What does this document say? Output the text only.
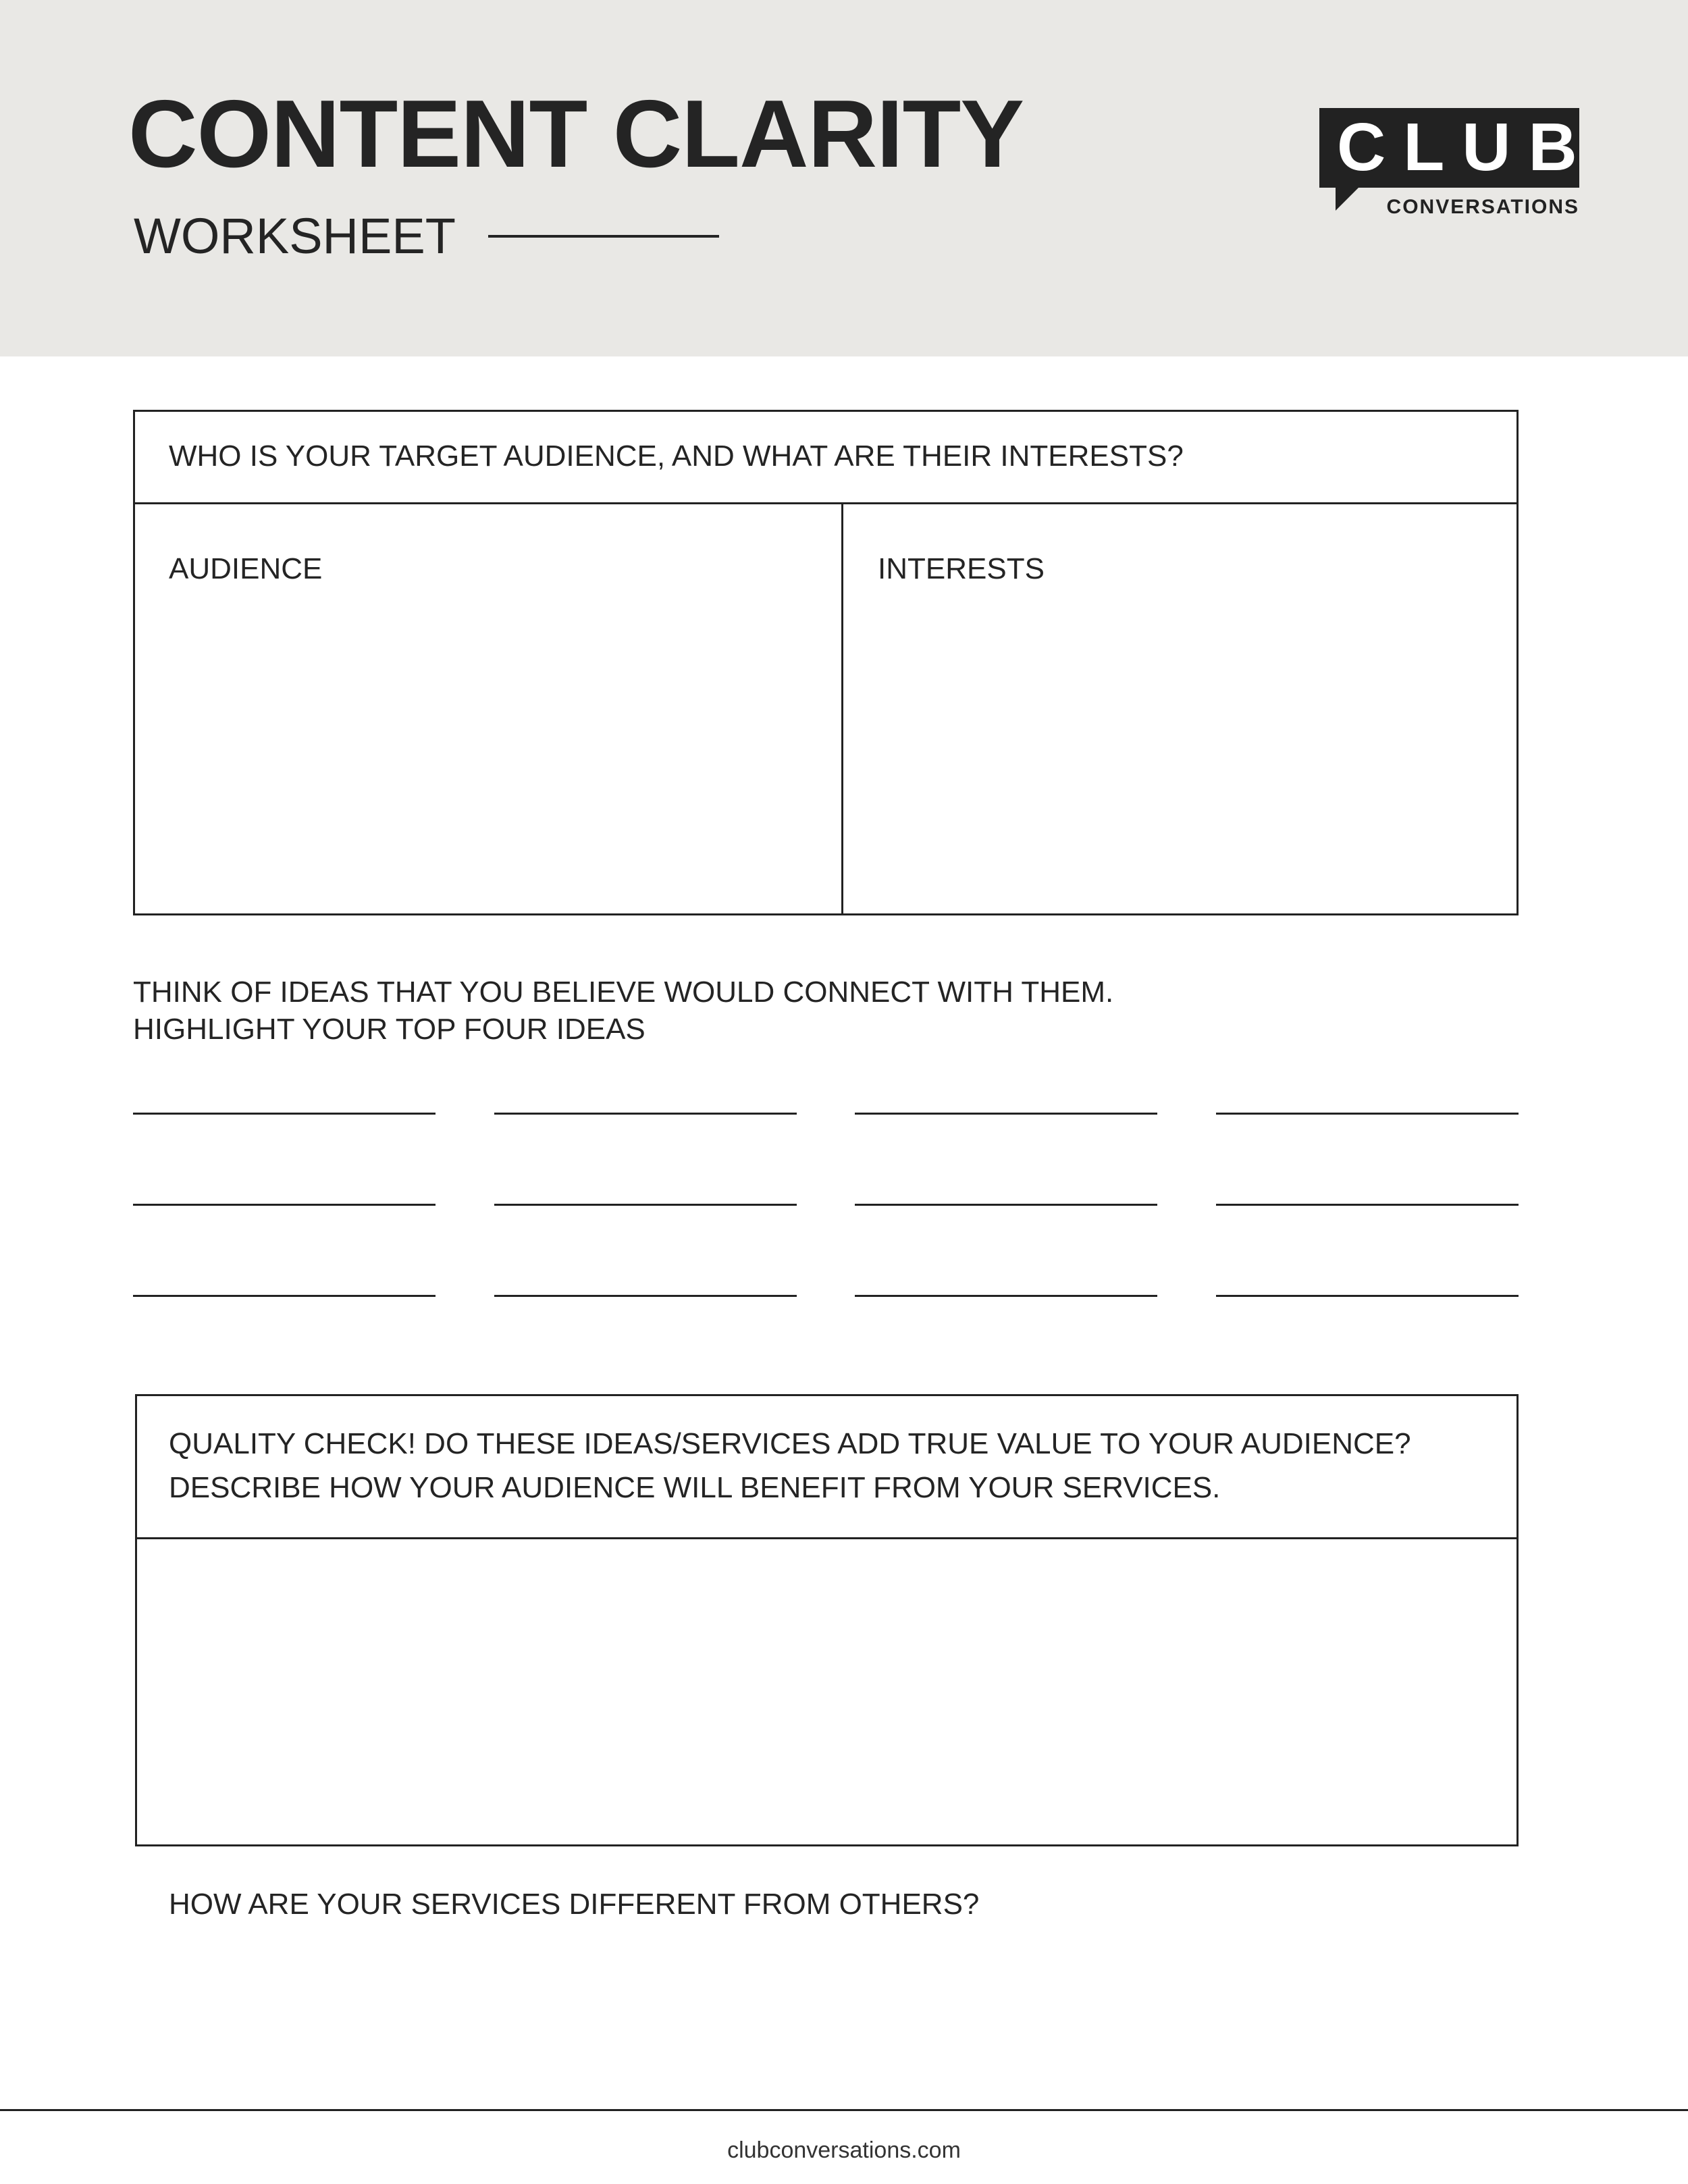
CONTENT CLARITY
WORKSHEET
CLUB
CONVERSATIONS
WHO IS YOUR TARGET AUDIENCE, AND WHAT ARE THEIR INTERESTS?
AUDIENCE	INTERESTS
THINK OF IDEAS THAT YOU BELIEVE WOULD CONNECT WITH THEM.
HIGHLIGHT YOUR TOP FOUR IDEAS
QUALITY CHECK! DO THESE IDEAS/SERVICES ADD TRUE VALUE TO YOUR AUDIENCE?
DESCRIBE HOW YOUR AUDIENCE WILL BENEFIT FROM YOUR SERVICES.
HOW ARE YOUR SERVICES DIFFERENT FROM OTHERS?
clubconversations.com
